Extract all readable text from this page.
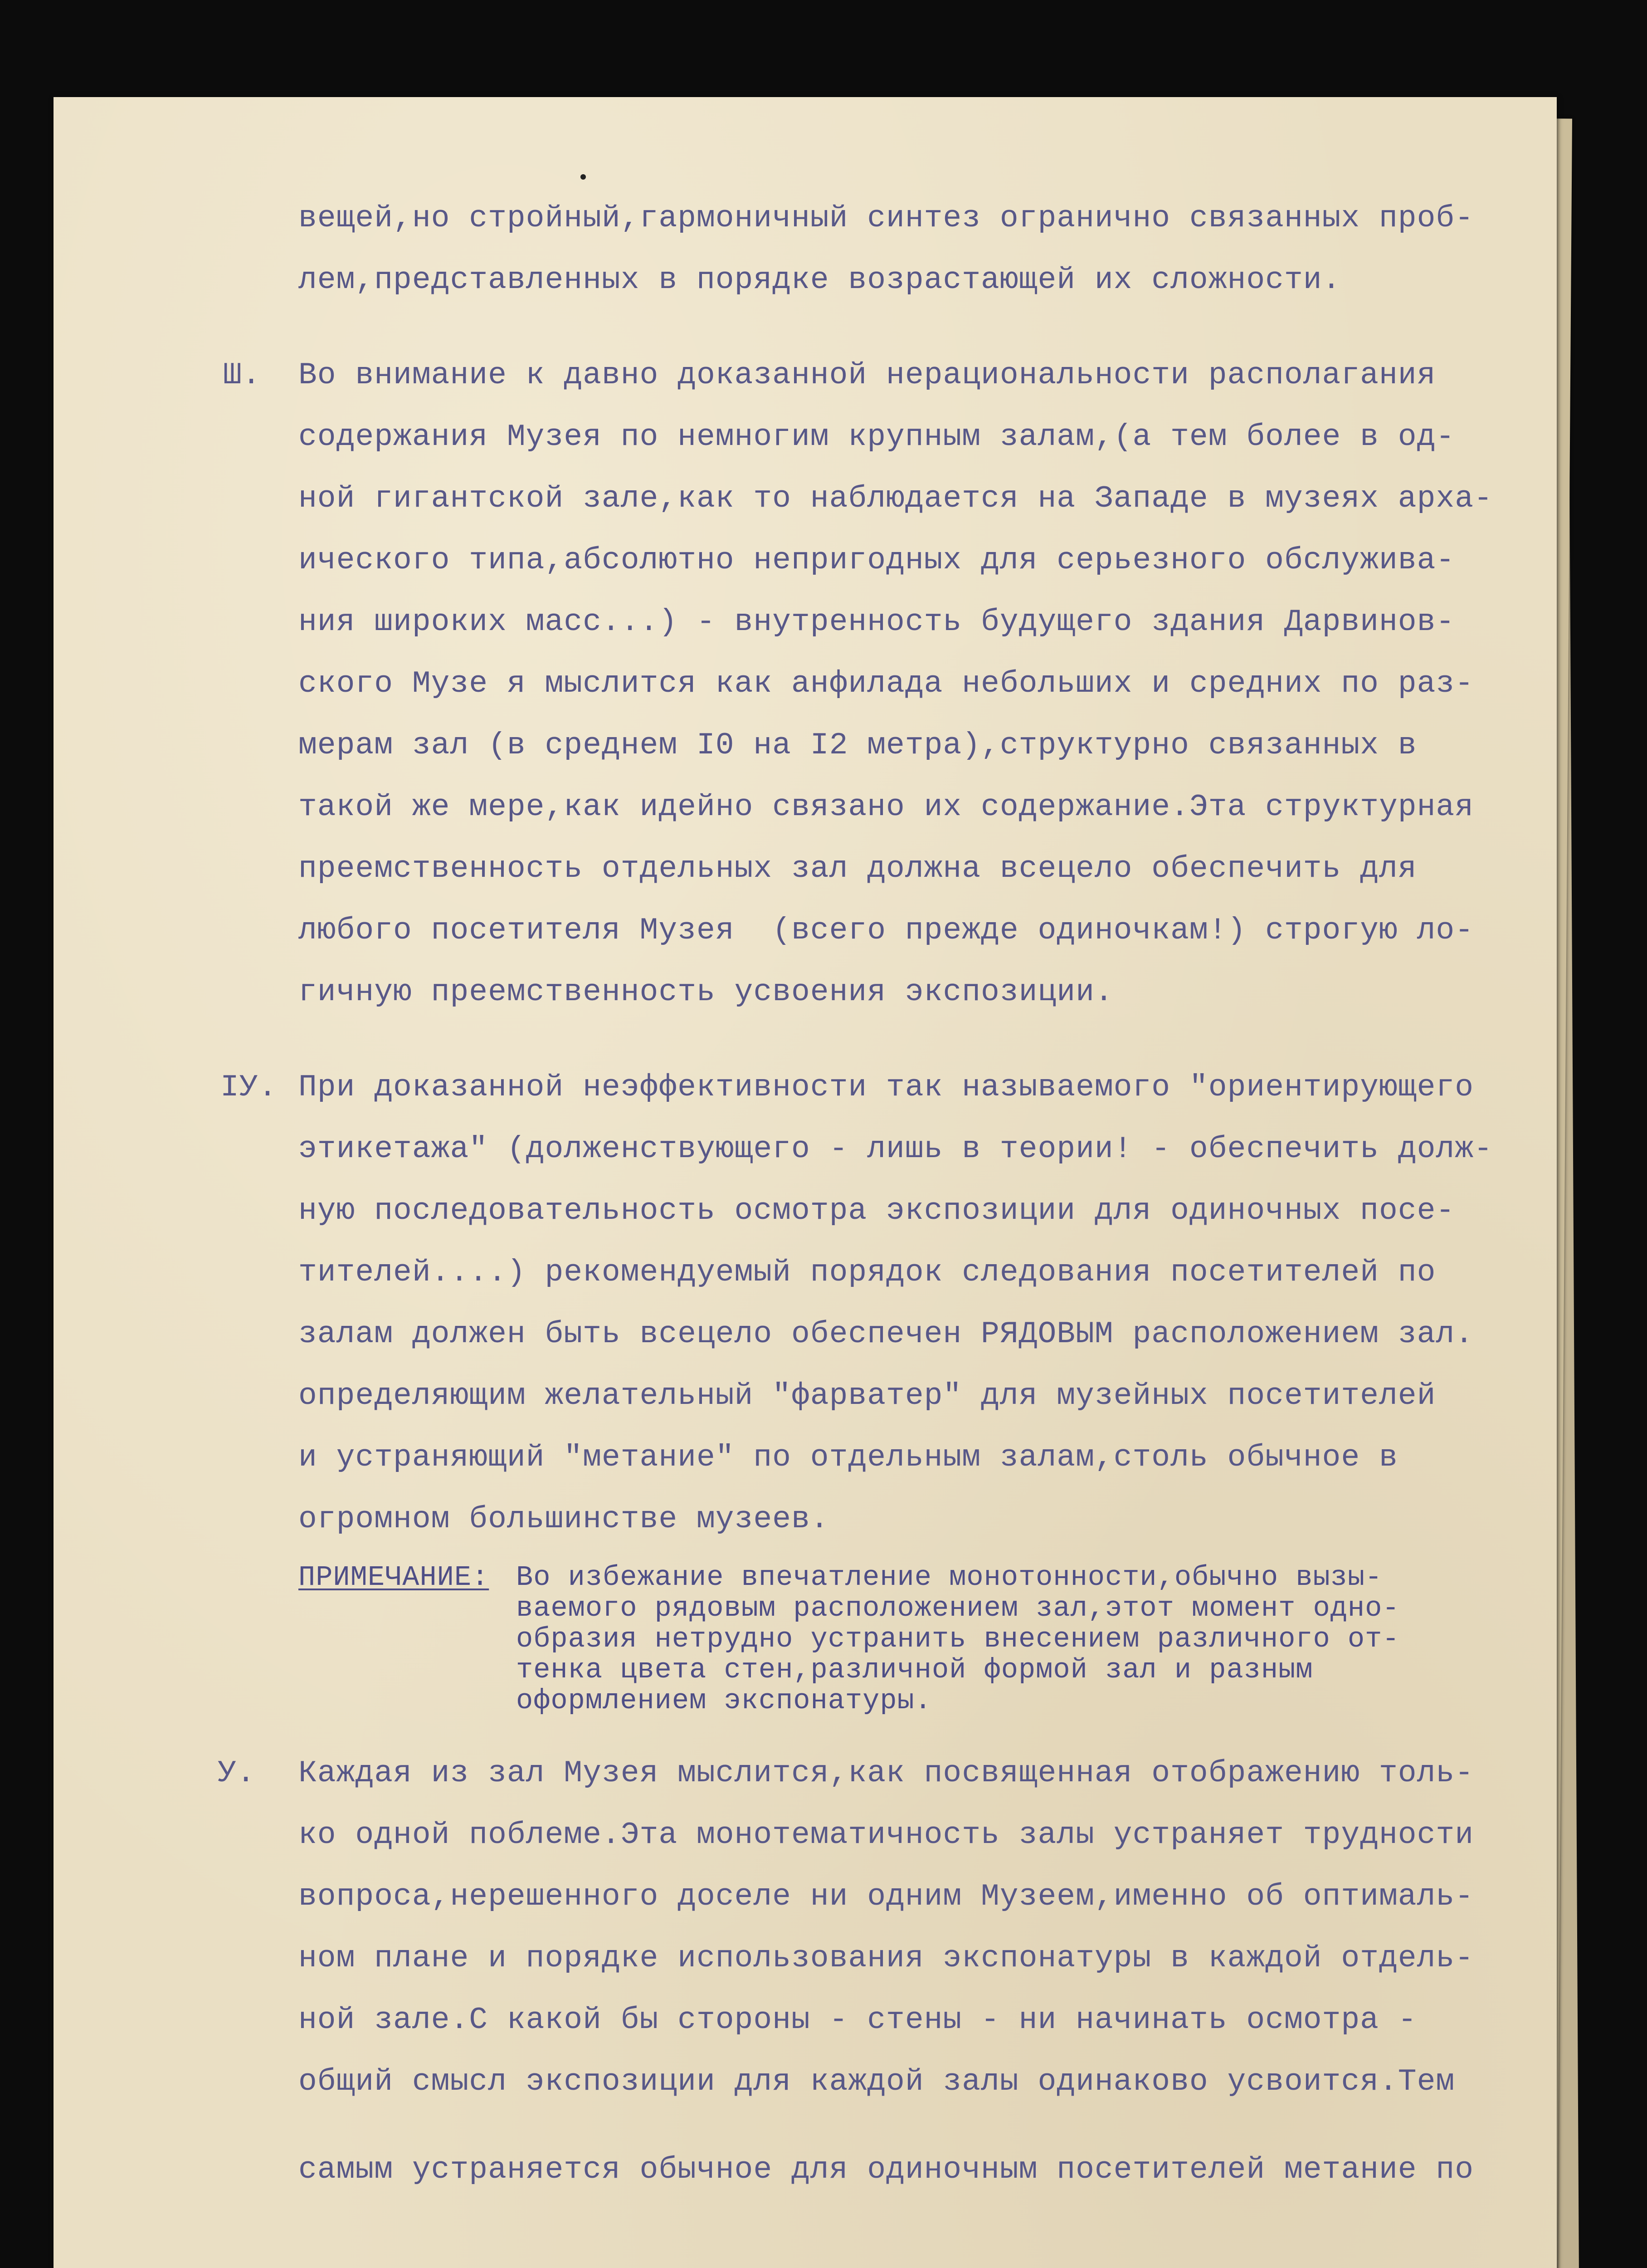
вещей,но стройный,гармоничный синтез огранично связанных проб-
лем,представленных в порядке возрастающей их сложности.
Ш. Во внимание к давно доказанной нерациональности располагания
содержания Музея по немногим крупным залам,(а тем более в од-
ной гигантской зале,как то наблюдается на Западе в музеях арха-
ического типа,абсолютно непригодных для серьезного обслужива-
ния широких масс...) - внутренность будущего здания Дарвинов-
ского Музе я мыслится как анфилада небольших и средних по раз-
мерам зал (в среднем I0 на I2 метра),структурно связанных в
такой же мере,как идейно связано их содержание.Эта структурная
преемственность отдельных зал должна всецело обеспечить для
любого посетителя Музея  (всего прежде одиночкам!) строгую ло-
гичную преемственность усвоения экспозиции.
IУ. При доказанной неэффективности так называемого "ориентирующего
этикетажа" (долженствующего - лишь в теории! - обеспечить долж-
ную последовательность осмотра экспозиции для одиночных посе-
тителей....) рекомендуемый порядок следования посетителей по
залам должен быть всецело обеспечен РЯДОВЫМ расположением зал.
определяющим желательный "фарватер" для музейных посетителей
и устраняющий "метание" по отдельным залам,столь обычное в
огромном большинстве музеев.
ПРИМЕЧАНИЕ: Во избежание впечатление монотонности,обычно вызы-
ваемого рядовым расположением зал,этот момент одно-
образия нетрудно устранить внесением различного от-
тенка цвета стен,различной формой зал и разным
оформлением экспонатуры.
У. Каждая из зал Музея мыслится,как посвященная отображению толь-
ко одной поблеме.Эта монотематичность залы устраняет трудности
вопроса,нерешенного доселе ни одним Музеем,именно об оптималь-
ном плане и порядке использования экспонатуры в каждой отдель-
ной зале.С какой бы стороны - стены - ни начинать осмотра -
общий смысл экспозиции для каждой залы одинаково усвоится.Тем
самым устраняется обычное для одиночным посетителей метание по
